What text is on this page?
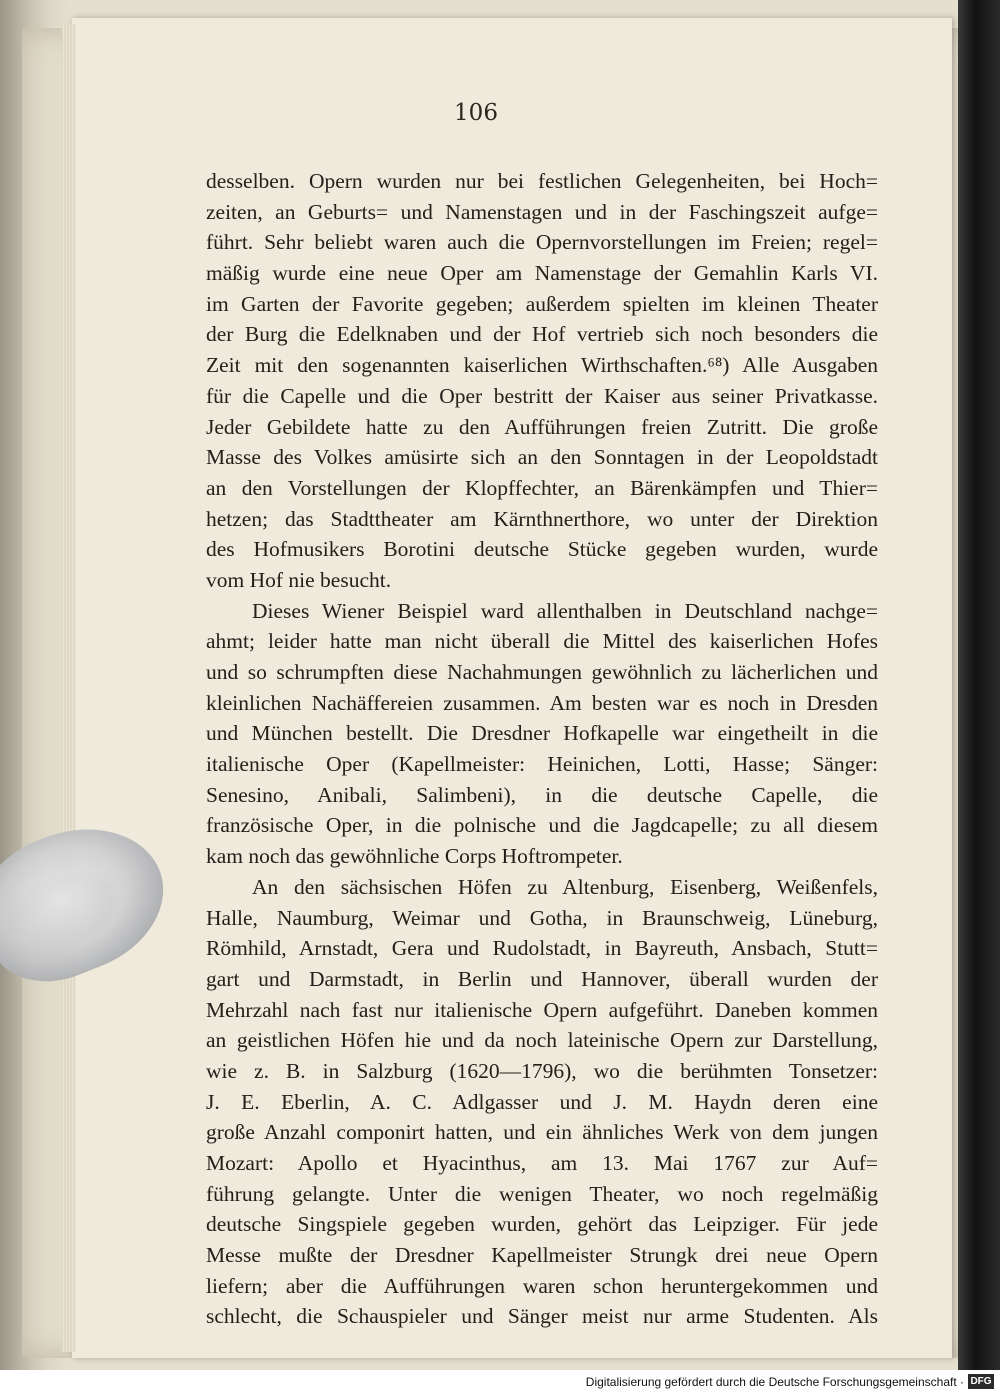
106
desselben. Opern wurden nur bei festlichen Gelegenheiten, bei Hoch=
zeiten, an Geburts= und Namenstagen und in der Faschingszeit aufge=
führt. Sehr beliebt waren auch die Opernvorstellungen im Freien; regel=
mäßig wurde eine neue Oper am Namenstage der Gemahlin Karls VI.
im Garten der Favorite gegeben; außerdem spielten im kleinen Theater
der Burg die Edelknaben und der Hof vertrieb sich noch besonders die
Zeit mit den sogenannten kaiserlichen Wirthschaften.⁶⁸) Alle Ausgaben
für die Capelle und die Oper bestritt der Kaiser aus seiner Privatkasse.
Jeder Gebildete hatte zu den Aufführungen freien Zutritt. Die große
Masse des Volkes amüsirte sich an den Sonntagen in der Leopoldstadt
an den Vorstellungen der Klopffechter, an Bärenkämpfen und Thier=
hetzen; das Stadttheater am Kärnthnerthore, wo unter der Direktion
des Hofmusikers Borotini deutsche Stücke gegeben wurden, wurde
vom Hof nie besucht.
Dieses Wiener Beispiel ward allenthalben in Deutschland nachge=
ahmt; leider hatte man nicht überall die Mittel des kaiserlichen Hofes
und so schrumpften diese Nachahmungen gewöhnlich zu lächerlichen und
kleinlichen Nachäffereien zusammen. Am besten war es noch in Dresden
und München bestellt. Die Dresdner Hofkapelle war eingetheilt in die
italienische Oper (Kapellmeister: Heinichen, Lotti, Hasse; Sänger:
Senesino, Anibali, Salimbeni), in die deutsche Capelle, die
französische Oper, in die polnische und die Jagdcapelle; zu all diesem
kam noch das gewöhnliche Corps Hoftrompeter.
An den sächsischen Höfen zu Altenburg, Eisenberg, Weißenfels,
Halle, Naumburg, Weimar und Gotha, in Braunschweig, Lüneburg,
Römhild, Arnstadt, Gera und Rudolstadt, in Bayreuth, Ansbach, Stutt=
gart und Darmstadt, in Berlin und Hannover, überall wurden der
Mehrzahl nach fast nur italienische Opern aufgeführt. Daneben kommen
an geistlichen Höfen hie und da noch lateinische Opern zur Darstellung,
wie z. B. in Salzburg (1620—1796), wo die berühmten Tonsetzer:
J. E. Eberlin, A. C. Adlgasser und J. M. Haydn deren eine
große Anzahl componirt hatten, und ein ähnliches Werk von dem jungen
Mozart: Apollo et Hyacinthus, am 13. Mai 1767 zur Auf=
führung gelangte. Unter die wenigen Theater, wo noch regelmäßig
deutsche Singspiele gegeben wurden, gehört das Leipziger. Für jede
Messe mußte der Dresdner Kapellmeister Strungk drei neue Opern
liefern; aber die Aufführungen waren schon heruntergekommen und
schlecht, die Schauspieler und Sänger meist nur arme Studenten. Als
Digitalisierung gefördert durch die Deutsche Forschungsgemeinschaft · DFG
